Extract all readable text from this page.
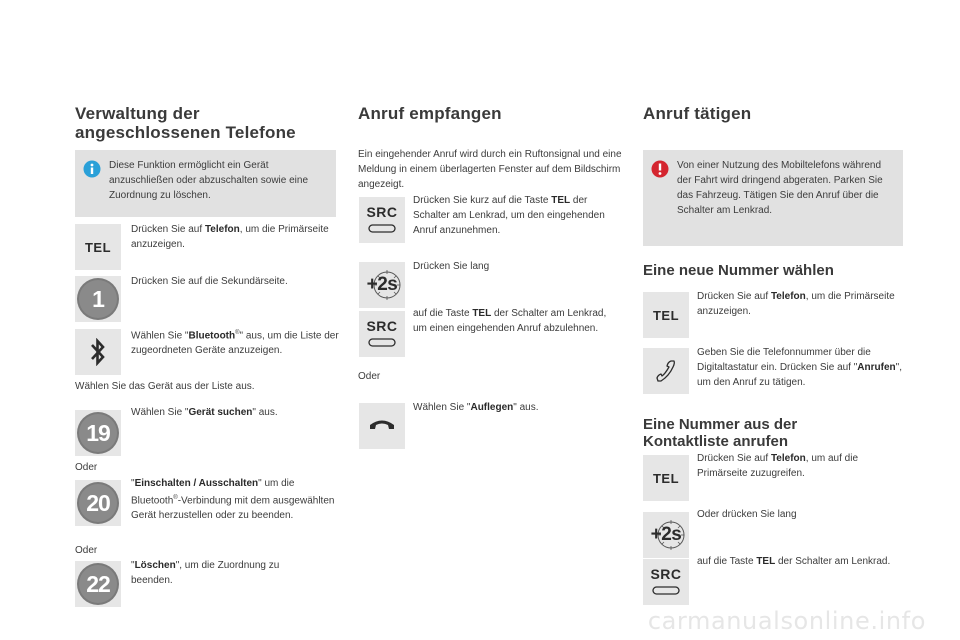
Verwaltung der angeschlossenen Telefone
Diese Funktion ermöglicht ein Gerät anzuschließen oder abzuschalten sowie eine Zuordnung zu löschen.
TEL
Drücken Sie auf Telefon, um die Primärseite anzuzeigen.
1
Drücken Sie auf die Sekundärseite.
Wählen Sie "Bluetooth®" aus, um die Liste der zugeordneten Geräte anzuzeigen.
Wählen Sie das Gerät aus der Liste aus.
19
Wählen Sie "Gerät suchen" aus.
Oder
20
"Einschalten / Ausschalten" um die Bluetooth®-Verbindung mit dem ausgewählten Gerät herzustellen oder zu beenden.
Oder
22
"Löschen", um die Zuordnung zu beenden.
Anruf empfangen
Ein eingehender Anruf wird durch ein Ruftonsignal und eine Meldung in einem überlagerten Fenster auf dem Bildschirm angezeigt.
SRC
Drücken Sie kurz auf die Taste TEL der Schalter am Lenkrad, um den eingehenden Anruf anzunehmen.
+2s
Drücken Sie lang
SRC
auf die Taste TEL der Schalter am Lenkrad, um einen eingehenden Anruf abzulehnen.
Oder
Wählen Sie "Auflegen" aus.
Anruf tätigen
Von einer Nutzung des Mobiltelefons während der Fahrt wird dringend abgeraten. Parken Sie das Fahrzeug. Tätigen Sie den Anruf über die Schalter am Lenkrad.
Eine neue Nummer wählen
TEL
Drücken Sie auf Telefon, um die Primärseite anzuzeigen.
Geben Sie die Telefonnummer über die Digitaltastatur ein. Drücken Sie auf "Anrufen", um den Anruf zu tätigen.
Eine Nummer aus der Kontaktliste anrufen
TEL
Drücken Sie auf Telefon, um auf die Primärseite zuzugreifen.
+2s
Oder drücken Sie lang
SRC
auf die Taste TEL der Schalter am Lenkrad.
carmanualsonline.info
